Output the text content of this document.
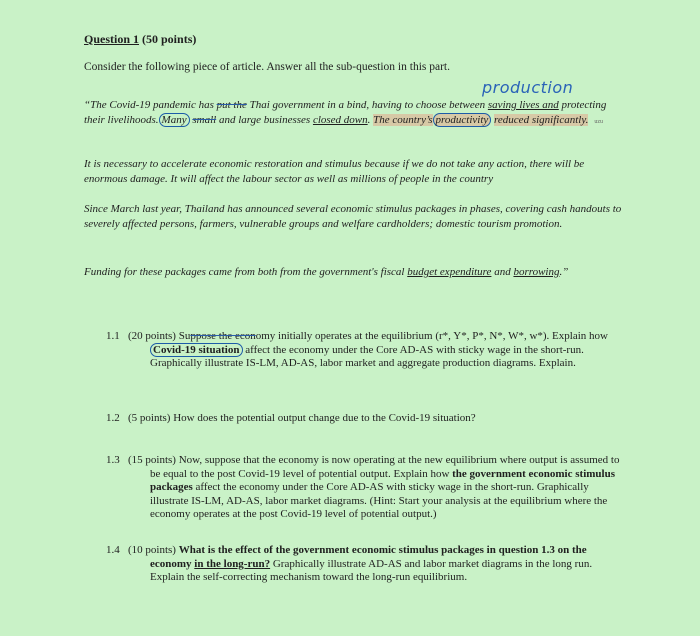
Question 1 (50 points)
Consider the following piece of article. Answer all the sub-question in this part.
production
“The Covid-19 pandemic has put the Thai government in a bind, having to choose between saving lives and protecting their livelihoods. Many small and large businesses closed down. The country’s productivity reduced significantly. uzu
It is necessary to accelerate economic restoration and stimulus because if we do not take any action, there will be enormous damage. It will affect the labour sector as well as millions of people in the country
Since March last year, Thailand has announced several economic stimulus packages in phases, covering cash handouts to severely affected persons, farmers, vulnerable groups and welfare cardholders; domestic tourism promotion.
Funding for these packages came from both from the government's fiscal budget expenditure and borrowing.”
1.1 (20 points) Suppose the economy initially operates at the equilibrium (r*, Y*, P*, N*, W*, w*). Explain how Covid-19 situation affect the economy under the Core AD-AS with sticky wage in the short-run. Graphically illustrate IS-LM, AD-AS, labor market and aggregate production diagrams. Explain.
1.2 (5 points) How does the potential output change due to the Covid-19 situation?
1.3 (15 points) Now, suppose that the economy is now operating at the new equilibrium where output is assumed to be equal to the post Covid-19 level of potential output. Explain how the government economic stimulus packages affect the economy under the Core AD-AS with sticky wage in the short-run. Graphically illustrate IS-LM, AD-AS, labor market diagrams. (Hint: Start your analysis at the equilibrium where the economy operates at the post Covid-19 level of potential output.)
1.4 (10 points) What is the effect of the government economic stimulus packages in question 1.3 on the economy in the long-run? Graphically illustrate AD-AS and labor market diagrams in the long run. Explain the self-correcting mechanism toward the long-run equilibrium.
